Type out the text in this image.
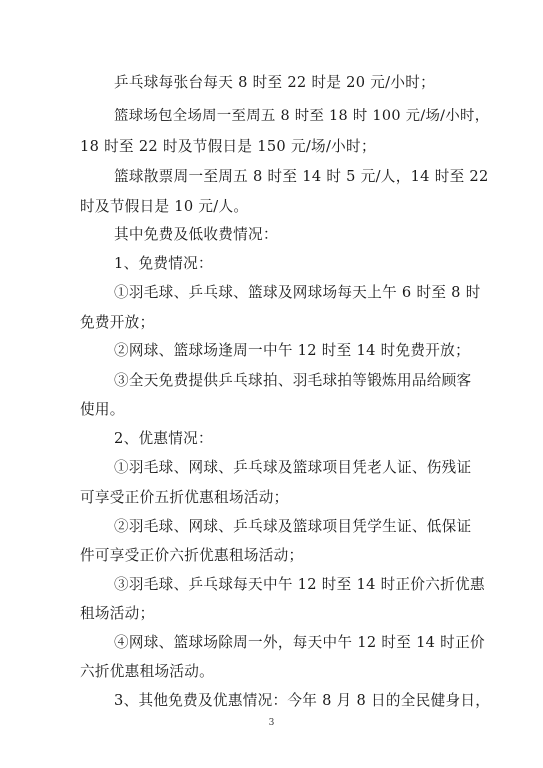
乒乓球每张台每天 8 时至 22 时是 20 元/小时；
篮球场包全场周一至周五 8 时至 18 时 100 元/场/小时，
18 时至 22 时及节假日是 150 元/场/小时；
篮球散票周一至周五 8 时至 14 时 5 元/人，14 时至 22
时及节假日是 10 元/人。
其中免费及低收费情况：
1、免费情况：
①羽毛球、乒乓球、篮球及网球场每天上午 6 时至 8 时
免费开放；
②网球、篮球场逢周一中午 12 时至 14 时免费开放；
③全天免费提供乒乓球拍、羽毛球拍等锻炼用品给顾客
使用。
2、优惠情况：
①羽毛球、网球、乒乓球及篮球项目凭老人证、伤残证
可享受正价五折优惠租场活动；
②羽毛球、网球、乒乓球及篮球项目凭学生证、低保证
件可享受正价六折优惠租场活动；
③羽毛球、乒乓球每天中午 12 时至 14 时正价六折优惠
租场活动；
④网球、篮球场除周一外，每天中午 12 时至 14 时正价
六折优惠租场活动。
3、其他免费及优惠情况：今年 8 月 8 日的全民健身日，
3
